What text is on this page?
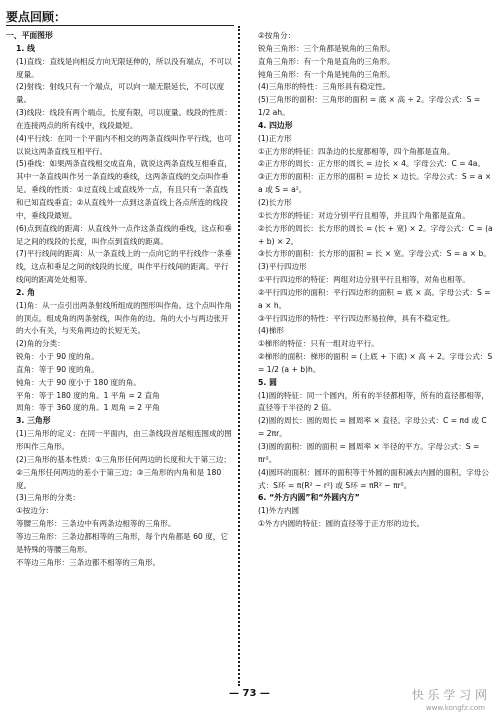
要点回顾：

一、平面图形

1. 线

(1)直线：直线是向相反方向无限延伸的，所以没有端点，不可以度量。

(2)射线：射线只有一个端点，可以向一端无限延长，不可以度量。

(3)线段：线段有两个端点，长度有限，可以度量。线段的性质：在连接两点的所有线中，线段最短。

(4)平行线：在同一个平面内不相交的两条直线叫作平行线，也可以说这两条直线互相平行。

(5)垂线：如果两条直线相交成直角，就说这两条直线互相垂直，其中一条直线叫作另一条直线的垂线，这两条直线的交点叫作垂足。垂线的性质：①过直线上或直线外一点，有且只有一条直线和已知直线垂直；②从直线外一点到这条直线上各点所连的线段中，垂线段最短。

(6)点到直线的距离：从直线外一点作这条直线的垂线，这点和垂足之间的线段的长度，叫作点到直线的距离。

(7)平行线间的距离：从一条直线上的一点向它的平行线作一条垂线，这点和垂足之间的线段的长度，叫作平行线间的距离。平行线间的距离处处相等。

2. 角

(1)角：从一点引出两条射线所组成的图形叫作角。这个点叫作角的顶点。组成角的两条射线，叫作角的边。角的大小与两边张开的大小有关，与夹角两边的长短无关。

(2)角的分类：

锐角：小于 90 度的角。

直角：等于 90 度的角。

钝角：大于 90 度小于 180 度的角。

平角：等于 180 度的角。1 平角 = 2 直角

周角：等于 360 度的角。1 周角 = 2 平角

3. 三角形

(1)三角形的定义：在同一平面内，由三条线段首尾相连围成的图形叫作三角形。

(2)三角形的基本性质：①三角形任何两边的长度和大于第三边；②三角形任何两边的差小于第三边；③三角形的内角和是 180 度。

(3)三角形的分类：

①按边分：

等腰三角形：三条边中有两条边相等的三角形。

等边三角形：三条边都相等的三角形，每个内角都是 60 度，它是特殊的等腰三角形。

不等边三角形：三条边都不相等的三角形。

②按角分：

锐角三角形：三个角都是锐角的三角形。

直角三角形：有一个角是直角的三角形。

钝角三角形：有一个角是钝角的三角形。

(4)三角形的特性：三角形具有稳定性。

(5)三角形的面积：三角形的面积 = 底 × 高 ÷ 2。字母公式：S = 1/2 ah。

4. 四边形

(1)正方形

①正方形的特征：四条边的长度都相等，四个角都是直角。

②正方形的周长：正方形的周长 = 边长 × 4。字母公式：C = 4a。

③正方形的面积：正方形的面积 = 边长 × 边长。字母公式：S = a × a 或 S = a²。

(2)长方形

①长方形的特征：对边分别平行且相等，并且四个角都是直角。

②长方形的周长：长方形的周长 = (长 + 宽) × 2。字母公式：C = (a + b) × 2。

③长方形的面积：长方形的面积 = 长 × 宽。字母公式：S = a × b。

(3)平行四边形

①平行四边形的特征：两组对边分别平行且相等，对角也相等。

②平行四边形的面积：平行四边形的面积 = 底 × 高。字母公式：S = a × h。

③平行四边形的特性：平行四边形易拉伸，具有不稳定性。

(4)梯形

①梯形的特征：只有一组对边平行。

②梯形的面积：梯形的面积 = (上底 + 下底) × 高 ÷ 2。字母公式：S = 1/2 (a + b)h。

5. 圆

(1)圆的特征：同一个圆内，所有的半径都相等，所有的直径都相等，直径等于半径的 2 倍。

(2)圆的周长：圆的周长 = 圆周率 × 直径。字母公式：C = πd 或 C = 2πr。

(3)圆的面积：圆的面积 = 圆周率 × 半径的平方。字母公式：S = πr²。

(4)圆环的面积：圆环的面积等于外圆的面积减去内圆的面积。字母公式：S环 = π(R² − r²) 或 S环 = πR² − πr²。

6. “外方内圆”和“外圆内方”

(1)外方内圆

①外方内圆的特征：圆的直径等于正方形的边长。

— 73 —	快 乐 学 习 网
www.kongfz.com
